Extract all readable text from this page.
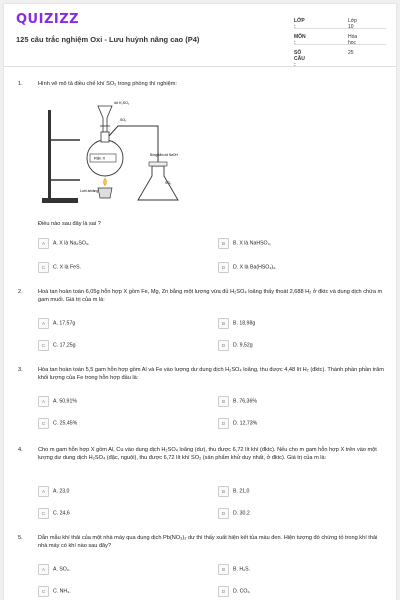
QUIZIZZ
125 câu trắc nghiệm Oxi - Lưu huỳnh nâng cao (P4)
LỚP :
Lớp 10
MÔN :
Hóa học
SỐ CÂU :
25
1.	Hình vẽ mô tả điều chế khí SO₂ trong phòng thí nghiệm:
dd H₂SO₄
SO₂
Rắn X
Bông tẩm dd NaOH
Lưới amiăng
SO₂
Điều nào sau đây là sai ?
A A. X là Na₂SO₃.	B B. X là NaHSO₃.
C C. X là FeS.	D D. X là Ba(HSO₃)₂.
2.	Hoà tan hoàn toàn 6,05g hỗn hợp X gồm Fe, Mg, Zn bằng một lượng vừa đủ H₂SO₄ loãng thấy thoát 2,688 H₂ ở đktc và dung dịch chứa m gam muối. Giá trị của m là:
A A. 17,57g	B B. 18,98g
C C. 17,25g	D D. 9,52g
3.	Hòa tan hoàn toàn 5,5 gam hỗn hợp gồm Al và Fe vào lượng dư dung dịch H₂SO₄ loãng, thu được 4,48 lít H₂ (đktc). Thành phần phần trăm khối lượng của Fe trong hỗn hợp đầu là:
A A. 50,91%	B B. 76,36%
C C. 25,45%	D D. 12,73%
4.	Cho m gam hỗn hợp X gồm Al, Cu vào dung dịch H₂SO₄ loãng (dư), thu được 6,72 lít khí (đktc). Nếu cho m gam hỗn hợp X trên vào một lượng dư dung dịch H₂SO₄ (đặc, nguội), thu được 6,72 lít khí SO₂ (sản phẩm khử duy nhất, ở đktc). Giá trị của m là:
A A. 23,0	B B. 21,0
C C. 24,6	D D. 30,2
5.	Dẫn mẫu khí thải của một nhà máy qua dung dịch Pb(NO₃)₂ dư thì thấy xuất hiện kết tủa màu đen. Hiện tượng đó chứng tỏ trong khí thải nhà máy có khí nào sau đây?
A A. SO₂.	B B. H₂S.
C C. NH₃.	D D. CO₂.
